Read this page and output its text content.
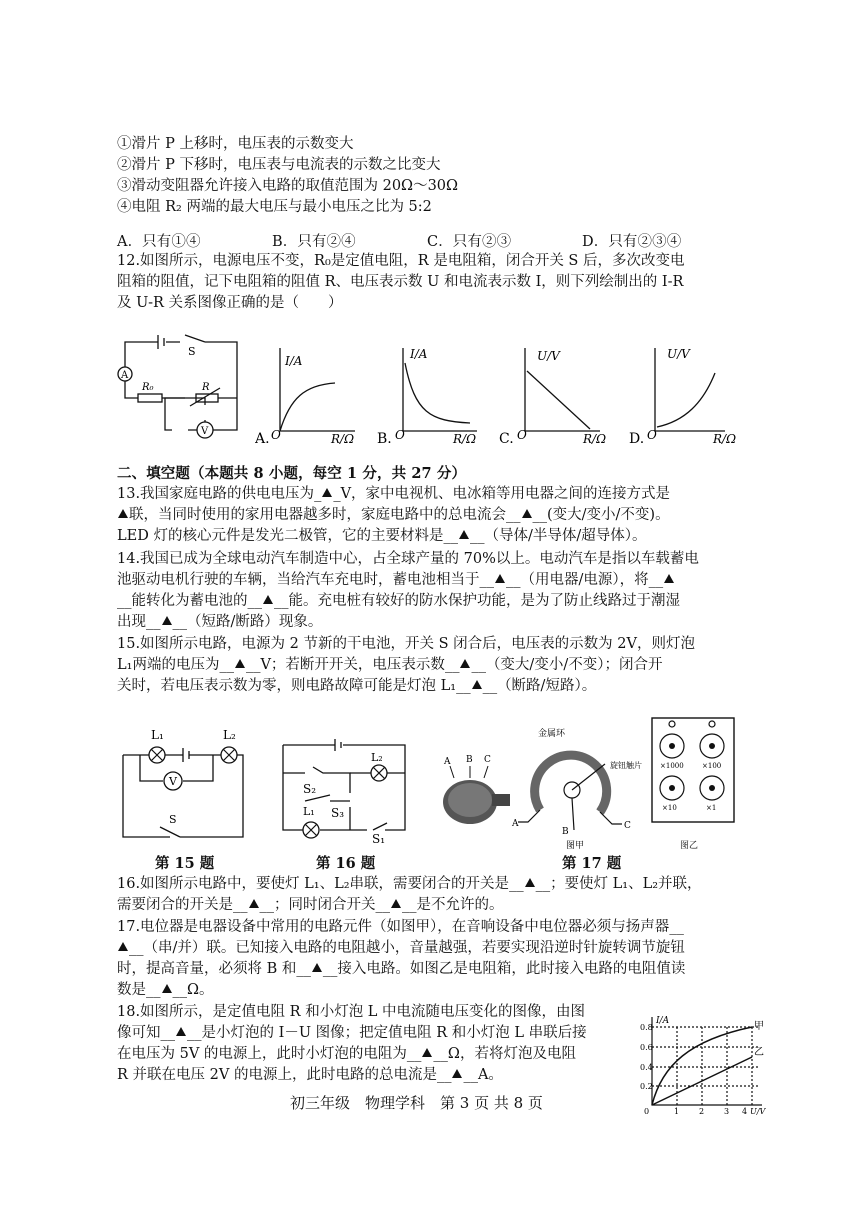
①滑片 P 上移时，电压表的示数变大

②滑片 P 下移时，电压表与电流表的示数之比变大

③滑动变阻器允许接入电路的取值范围为 20Ω～30Ω

④电阻 R₂ 两端的最大电压与最小电压之比为 5:2

A．只有①④	B．只有②④	C．只有②③	D．只有②③④

12.如图所示，电源电压不变，R₀是定值电阻，R 是电阻箱，闭合开关 S 后，多次改变电

阻箱的阻值，记下电阻箱的阻值 R、电压表示数 U 和电流表示数 I，则下列绘制出的 I-R

及 U-R 关系图像正确的是（　　）

A
V
S
R₀	R
I/A
R/Ω
O
A.
I/A
R/Ω
O
B.
U/V
R/Ω
O
C.
U/V
R/Ω
O
D.
二、填空题（本题共 8 小题，每空 1 分，共 27 分）

13.我国家庭电路的供电电压为_ _V，家中电视机、电冰箱等用电器之间的连接方式是

联，当同时使用的家用电器越多时，家庭电路中的总电流会__ __(变大/变小/不变)。

LED 灯的核心元件是发光二极管，它的主要材料是__ __（导体/半导体/超导体）。

14.我国已成为全球电动汽车制造中心，占全球产量的 70%以上。电动汽车是指以车载蓄电

池驱动电机行驶的车辆，当给汽车充电时，蓄电池相当于__ __（用电器/电源），将__

__能转化为蓄电池的__ __能。充电桩有较好的防水保护功能，是为了防止线路过于潮湿

出现__ __（短路/断路）现象。

15.如图所示电路，电源为 2 节新的干电池，开关 S 闭合后，电压表的示数为 2V，则灯泡

L₁两端的电压为__ __V；若断开开关，电压表示数__ __（变大/变小/不变）；闭合开

关时，若电压表示数为零，则电路故障可能是灯泡 L₁__ __（断路/短路）。

V
L₁	L₂
S
第 15 题
S₂
L₂
L₁ S₃
S₁
第 16 题
A B C
金属环
旋钮触片
A	C
B
图甲
×1000	×100
×10	×1
图乙
第 17 题

16.如图所示电路中，要使灯 L₁、L₂串联，需要闭合的开关是__ __；要使灯 L₁、L₂并联，

需要闭合的开关是__ __；同时闭合开关__ __是不允许的。

17.电位器是电器设备中常用的电路元件（如图甲），在音响设备中电位器必须与扬声器__

__（串/并）联。已知接入电路的电阻越小，音量越强，若要实现沿逆时针旋转调节旋钮

时，提高音量，必须将 B 和__ __接入电路。如图乙是电阻箱，此时接入电路的电阻值读

数是__ __Ω。

18.如图所示，是定值电阻 R 和小灯泡 L 中电流随电压变化的图像，由图

像可知__ __是小灯泡的 I－U 图像；把定值电阻 R 和小灯泡 L 串联后接

在电压为 5V 的电源上，此时小灯泡的电阻为__ __Ω，若将灯泡及电阻

R 并联在电压 2V 的电源上，此时电路的总电流是__ __A。

I/A
0.8
0.6
0.4
0.2
0	1 2 3 4 U/V
甲
乙
初三年级　物理学科　第 3 页 共 8 页
